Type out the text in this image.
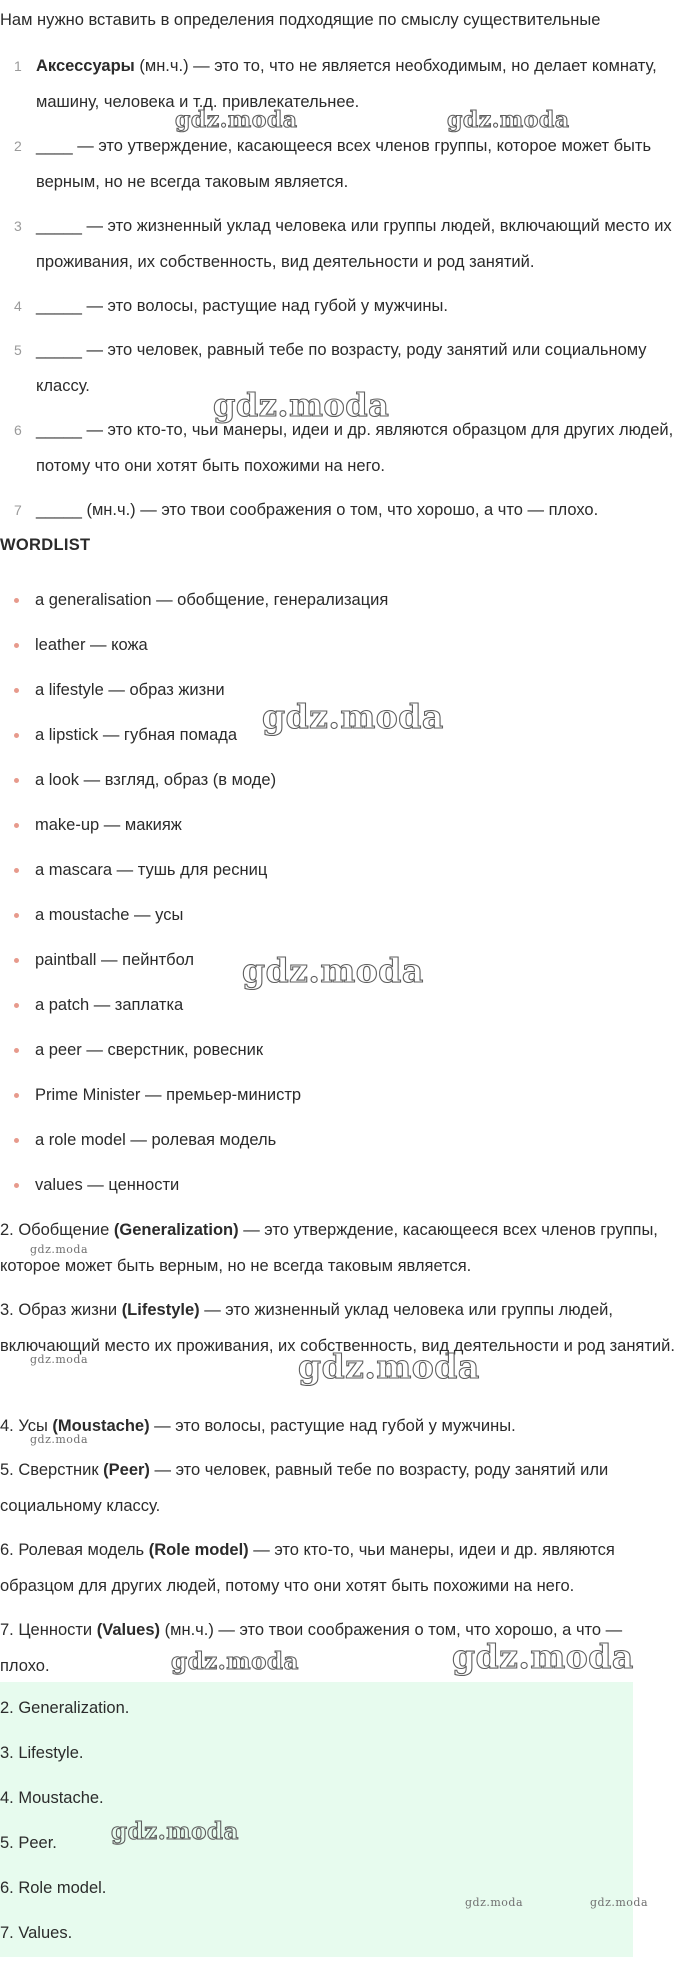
Нам нужно вставить в определения подходящие по смыслу существительные
1 Аксессуары (мн.ч.) — это то, что не является необходимым, но делает комнату, машину, человека и т.д. привлекательнее.
2 ____ — это утверждение, касающееся всех членов группы, которое может быть верным, но не всегда таковым является.
3 _____ — это жизненный уклад человека или группы людей, включающий место их проживания, их собственность, вид деятельности и род занятий.
4 _____ — это волосы, растущие над губой у мужчины.
5 _____ — это человек, равный тебе по возрасту, роду занятий или социальному классу.
6 _____ — это кто-то, чьи манеры, идеи и др. являются образцом для других людей, потому что они хотят быть похожими на него.
7 _____ (мн.ч.) — это твои соображения о том, что хорошо, а что — плохо.
WORDLIST
a generalisation — обобщение, генерализация
leather — кожа
a lifestyle — образ жизни
a lipstick — губная помада
a look — взгляд, образ (в моде)
make-up — макияж
a mascara — тушь для ресниц
a moustache — усы
paintball — пейнтбол
a patch — заплатка
a peer — сверстник, ровесник
Prime Minister — премьер-министр
a role model — ролевая модель
values — ценности
2. Обобщение (Generalization) — это утверждение, касающееся всех членов группы, которое может быть верным, но не всегда таковым является.
3. Образ жизни (Lifestyle) — это жизненный уклад человека или группы людей, включающий место их проживания, их собственность, вид деятельности и род занятий.
4. Усы (Moustache) — это волосы, растущие над губой у мужчины.
5. Сверстник (Peer) — это человек, равный тебе по возрасту, роду занятий или социальному классу.
6. Ролевая модель (Role model) — это кто-то, чьи манеры, идеи и др. являются образцом для других людей, потому что они хотят быть похожими на него.
7. Ценности (Values) (мн.ч.) — это твои соображения о том, что хорошо, а что — плохо.
2. Generalization.
3. Lifestyle.
4. Moustache.
5. Peer.
6. Role model.
7. Values.
gdz.moda	gdz.moda
gdz.moda
gdz.moda
gdz.moda
gdz.moda
gdz.moda
gdz.moda
gdz.moda
gdz.moda
gdz.moda
gdz.moda
gdz.moda	gdz.moda
